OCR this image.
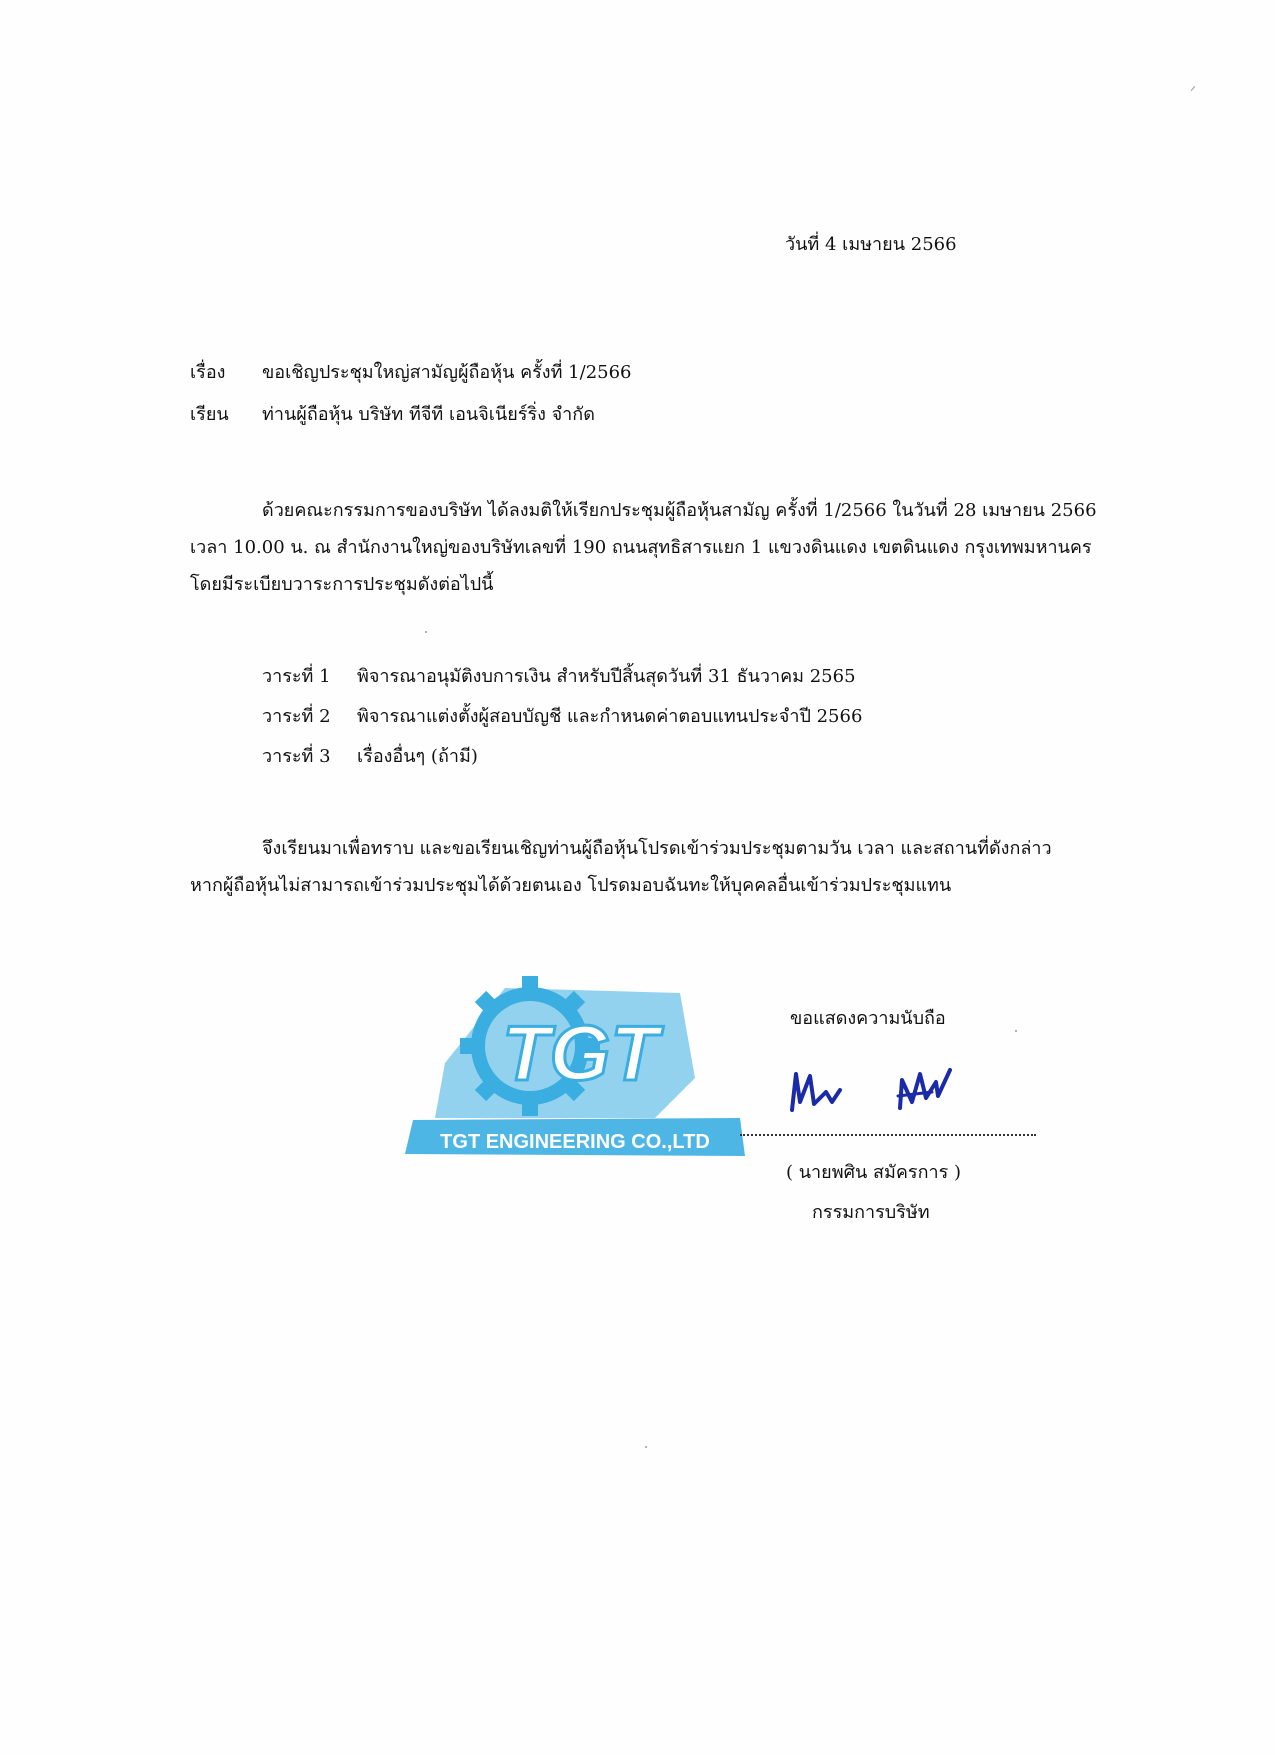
วันที่ 4 เมษายน 2566
เรื่อง ขอเชิญประชุมใหญ่สามัญผู้ถือหุ้น ครั้งที่ 1/2566
เรียน ท่านผู้ถือหุ้น บริษัท ทีจีที เอนจิเนียร์ริ่ง จำกัด
ด้วยคณะกรรมการของบริษัท ได้ลงมติให้เรียกประชุมผู้ถือหุ้นสามัญ ครั้งที่ 1/2566 ในวันที่ 28 เมษายน 2566
เวลา 10.00 น. ณ สำนักงานใหญ่ของบริษัทเลขที่ 190 ถนนสุทธิสารแยก 1 แขวงดินแดง เขตดินแดง กรุงเทพมหานคร
โดยมีระเบียบวาระการประชุมดังต่อไปนี้
วาระที่ 1 พิจารณาอนุมัติงบการเงิน สำหรับปีสิ้นสุดวันที่ 31 ธันวาคม 2565
วาระที่ 2 พิจารณาแต่งตั้งผู้สอบบัญชี และกำหนดค่าตอบแทนประจำปี 2566
วาระที่ 3 เรื่องอื่นๆ (ถ้ามี)
จึงเรียนมาเพื่อทราบ และขอเรียนเชิญท่านผู้ถือหุ้นโปรดเข้าร่วมประชุมตามวัน เวลา และสถานที่ดังกล่าว
หากผู้ถือหุ้นไม่สามารถเข้าร่วมประชุมได้ด้วยตนเอง โปรดมอบฉันทะให้บุคคลอื่นเข้าร่วมประชุมแทน
ขอแสดงความนับถือ
TGT
TGT ENGINEERING CO.,LTD
( นายพศิน สมัครการ )
กรรมการบริษัท
